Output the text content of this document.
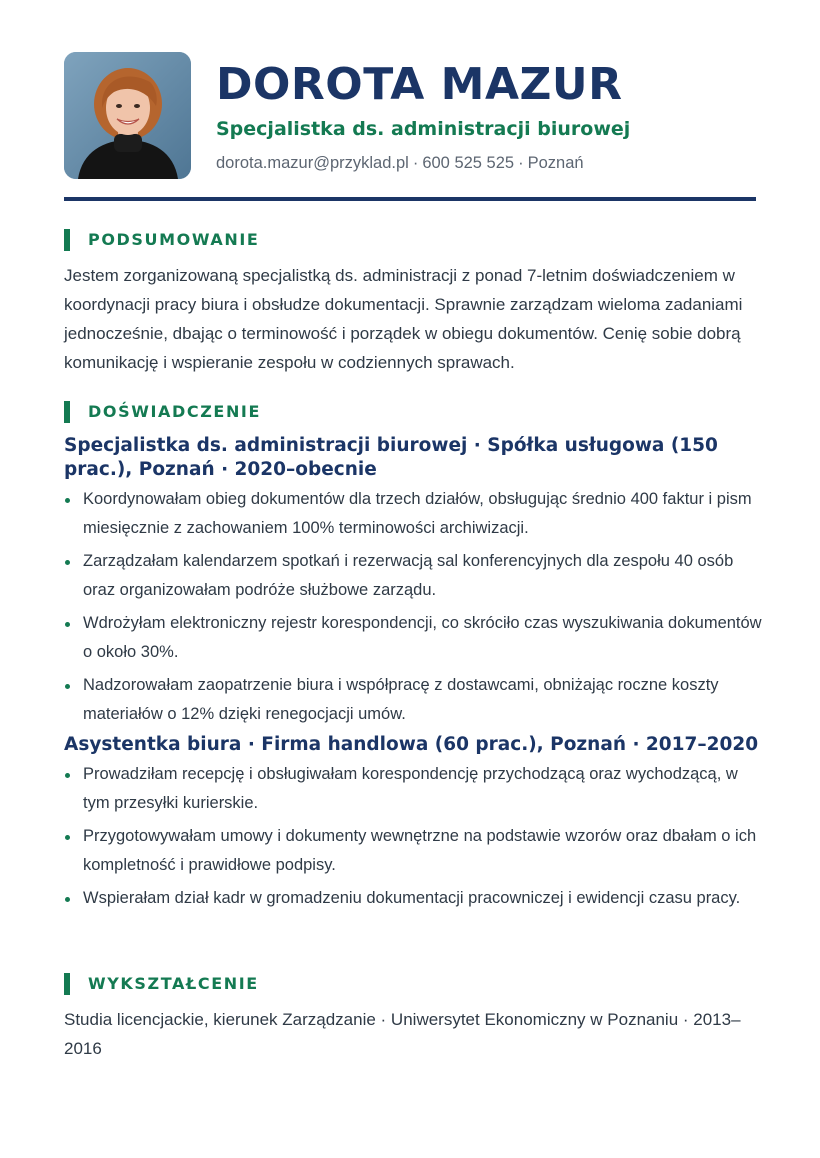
DOROTA MAZUR

Specjalistka ds. administracji biurowej

dorota.mazur@przyklad.pl · 600 525 525 · Poznań

PODSUMOWANIE

Jestem zorganizowaną specjalistką ds. administracji z ponad 7-letnim doświadczeniem w koordynacji pracy biura i obsłudze dokumentacji. Sprawnie zarządzam wieloma zadaniami jednocześnie, dbając o terminowość i porządek w obiegu dokumentów. Cenię sobie dobrą komunikację i wspieranie zespołu w codziennych sprawach.

DOŚWIADCZENIE
Specjalistka ds. administracji biurowej · Spółka usługowa (150 prac.), Poznań · 2020–obecnie
Koordynowałam obieg dokumentów dla trzech działów, obsługując średnio 400 faktur i pism miesięcznie z zachowaniem 100% terminowości archiwizacji.
Zarządzałam kalendarzem spotkań i rezerwacją sal konferencyjnych dla zespołu 40 osób oraz organizowałam podróże służbowe zarządu.
Wdrożyłam elektroniczny rejestr korespondencji, co skróciło czas wyszukiwania dokumentów o około 30%.
Nadzorowałam zaopatrzenie biura i współpracę z dostawcami, obniżając roczne koszty materiałów o 12% dzięki renegocjacji umów.
Asystentka biura · Firma handlowa (60 prac.), Poznań · 2017–2020
Prowadziłam recepcję i obsługiwałam korespondencję przychodzącą oraz wychodzącą, w tym przesyłki kurierskie.
Przygotowywałam umowy i dokumenty wewnętrzne na podstawie wzorów oraz dbałam o ich kompletność i prawidłowe podpisy.
Wspierałam dział kadr w gromadzeniu dokumentacji pracowniczej i ewidencji czasu pracy.
WYKSZTAŁCENIE

Studia licencjackie, kierunek Zarządzanie · Uniwersytet Ekonomiczny w Poznaniu · 2013–2016
